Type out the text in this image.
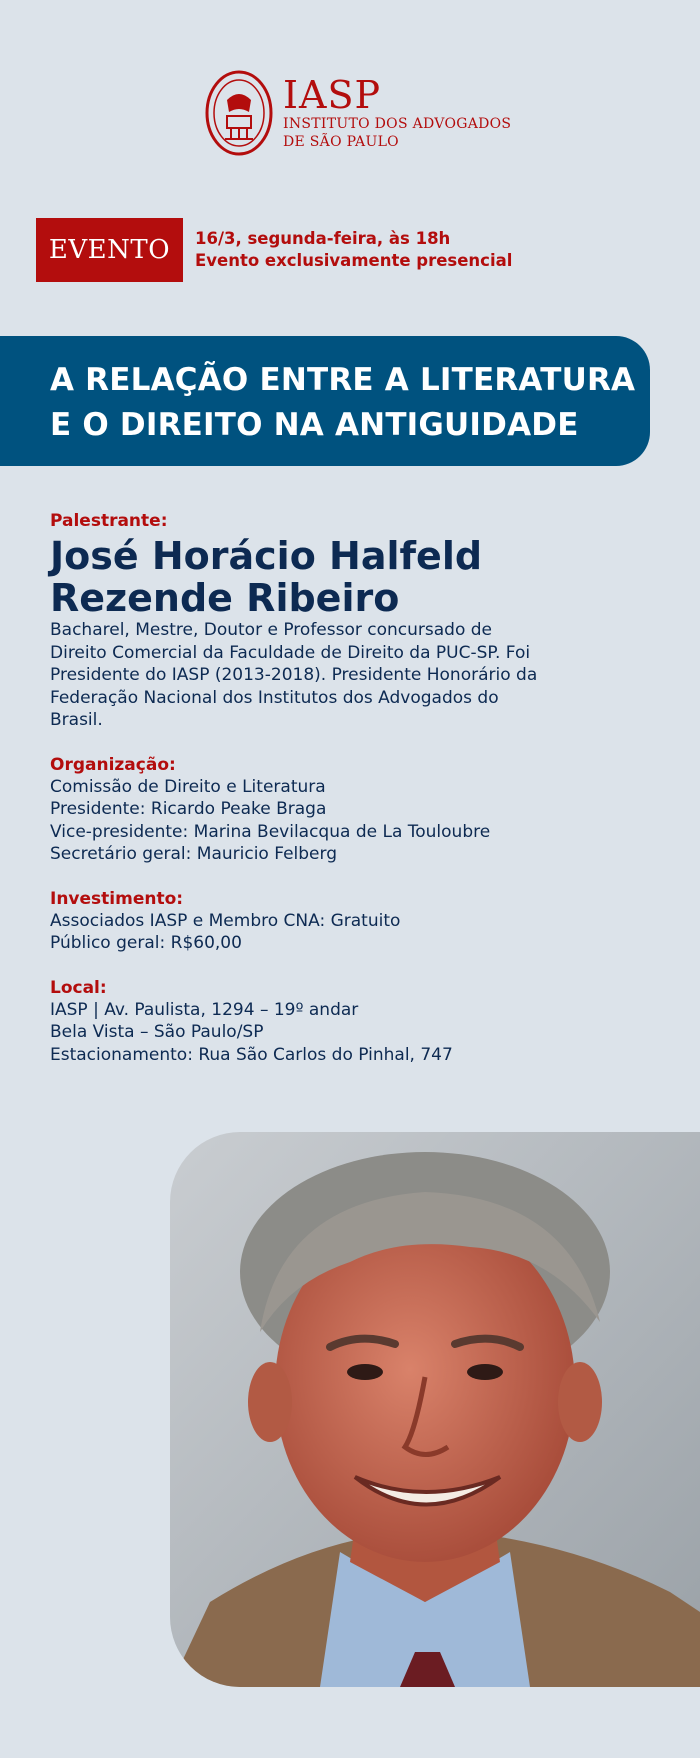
IASP
INSTITUTO DOS ADVOGADOS
DE SÃO PAULO
EVENTO	16/3, segunda-feira, às 18h
Evento exclusivamente presencial
A RELAÇÃO ENTRE A LITERATURA
E O DIREITO NA ANTIGUIDADE
Palestrante:
José Horácio Halfeld
Rezende Ribeiro
Bacharel, Mestre, Doutor e Professor concursado de
Direito Comercial da Faculdade de Direito da PUC-SP. Foi
Presidente do IASP (2013-2018). Presidente Honorário da
Federação Nacional dos Institutos dos Advogados do
Brasil.
Organização:
Comissão de Direito e Literatura
Presidente: Ricardo Peake Braga
Vice-presidente: Marina Bevilacqua de La Touloubre
Secretário geral: Mauricio Felberg
Investimento:
Associados IASP e Membro CNA: Gratuito
Público geral: R$60,00
Local:
IASP | Av. Paulista, 1294 – 19º andar
Bela Vista – São Paulo/SP
Estacionamento: Rua São Carlos do Pinhal, 747
